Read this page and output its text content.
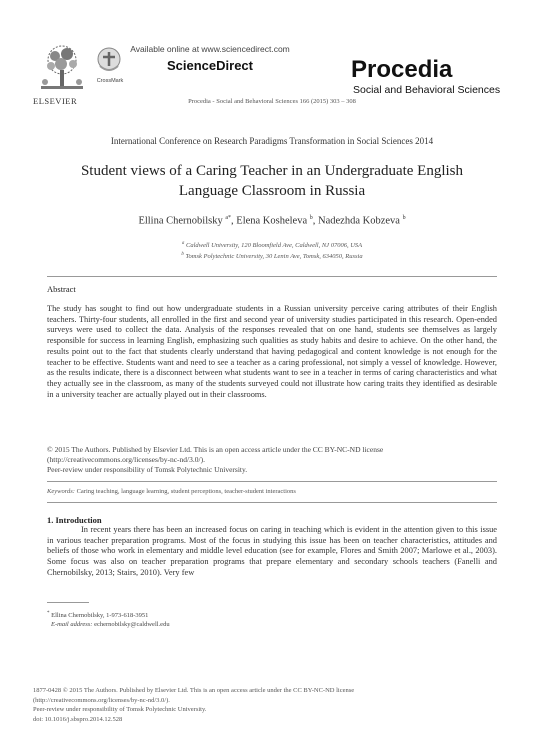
ELSEVIER
CrossMark
Available online at www.sciencedirect.com
ScienceDirect	Procedia
Social and Behavioral Sciences
Procedia - Social and Behavioral Sciences 166 (2015) 303 – 308
International Conference on Research Paradigms Transformation in Social Sciences 2014
Student views of a Caring Teacher in an Undergraduate English
Language Classroom in Russia
Ellina Chernobilsky $^{a*}$, Elena Kosheleva $^b$, Nadezhda Kobzeva $^b$
$^a$ Caldwell University, 120 Bloomfield Ave, Caldwell, NJ 07006, USA
$^b$ Tomsk Polytechnic University, 30 Lenin Ave, Tomsk, 634050, Russia
Abstract
The study has sought to find out how undergraduate students in a Russian university perceive caring attributes of their English teachers. Thirty-four students, all enrolled in the first and second year of university studies participated in this research. Open-ended surveys were used to collect the data. Analysis of the responses revealed that on one hand, students see themselves as largely responsible for success in learning English, emphasizing such qualities as study habits and desire to achieve. On the other hand, the results point out to the fact that students clearly understand that having pedagogical and content knowledge is not enough for the teacher to be effective. Students want and need to see a teacher as a caring professional, not simply a vessel of knowledge. However, as the results indicate, there is a disconnect between what students want to see in a teacher in terms of caring characteristics and what they actually see in the classroom, as many of the students surveyed could not illustrate how caring traits they identified as desirable in a university teacher are actually played out in their classrooms.
© 2015 The Authors. Published by Elsevier Ltd. This is an open access article under the CC BY-NC-ND license
(http://creativecommons.org/licenses/by-nc-nd/3.0/).
Peer-review under responsibility of Tomsk Polytechnic University.
Keywords: Caring teaching, language learning, student perceptions, teacher-student interactions
1. Introduction
In recent years there has been an increased focus on caring in teaching which is evident in the attention given to this issue in various teacher preparation programs. Most of the focus in studying this issue has been on teacher characteristics, attitudes and beliefs of those who work in elementary and middle level education (see for example, Flores and Smith 2007; Marlowe et al., 2003). Some focus was also on teacher preparation programs that prepare elementary and secondary schools teachers (Fanelli and Chernobilsky, 2013; Stairs, 2010). Very few
* Ellina Chernobilsky, 1-973-618-3951
E-mail address: echernobilsky@caldwell.edu
1877-0428 © 2015 The Authors. Published by Elsevier Ltd. This is an open access article under the CC BY-NC-ND license
(http://creativecommons.org/licenses/by-nc-nd/3.0/).
Peer-review under responsibility of Tomsk Polytechnic University.
doi: 10.1016/j.sbspro.2014.12.528
